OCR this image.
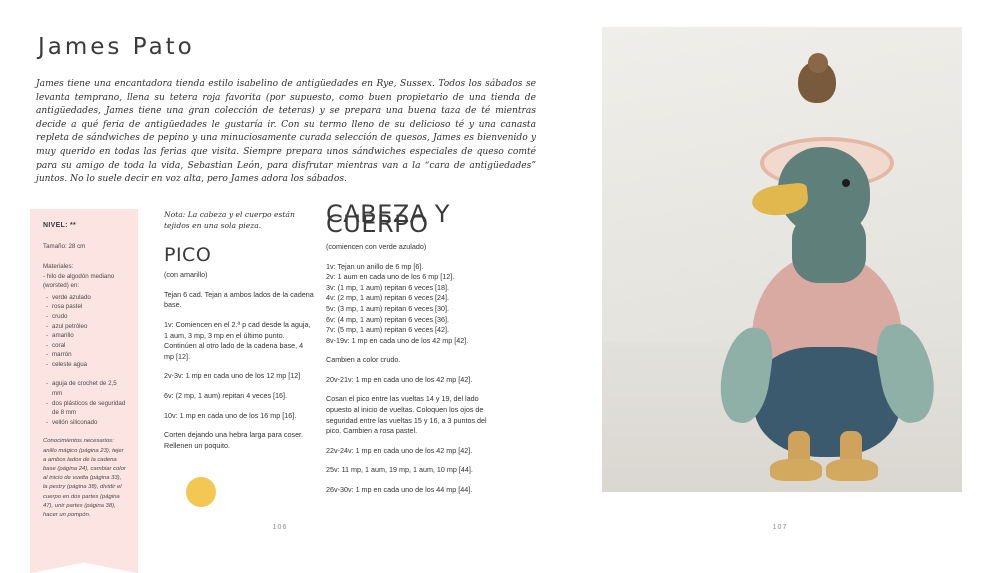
James Pato
James tiene una encantadora tienda estilo isabelino de antigüedades en Rye, Sussex. Todos los sábados se levanta temprano, llena su tetera roja favorita (por supuesto, como buen propietario de una tienda de antigüedades, James tiene una gran colección de teteras) y se prepara una buena taza de té mientras decide a qué feria de antigüedades le gustaría ir. Con su termo lleno de su delicioso té y una canasta repleta de sándwiches de pepino y una minuciosamente curada selección de quesos, James es bienvenido y muy querido en todas las ferias que visita. Siempre prepara unos sándwiches especiales de queso comté para su amigo de toda la vida, Sebastian León, para disfrutar mientras van a la “cara de antigüedades” juntos. No lo suele decir en voz alta, pero James adora los sábados.
NIVEL: **
Tamaño: 28 cm
Materiales:
- hilo de algodón mediano (worsted) en:
- verde azulado
- rosa pastel
- crudo
- azul petróleo
- amarillo
- coral
- marrón
- celeste agua
- aguja de crochet de 2,5 mm
- dos plásticos de seguridad de 8 mm
- vellón siliconado
Conocimientos necesarios:
anillo mágico (página 23), tejer a ambos lados de la cadena base (página 24), cambiar color al inicio de vuelta (página 33), la pestry (página 38), dividir el cuerpo en dos partes (página 47), unir partes (página 38), hacer un pompón.
Nota: La cabeza y el cuerpo están tejidos en una sola pieza.
PICO
(con amarillo)
Tejan 6 cad. Tejan a ambos lados de la cadena base.
1v: Comiencen en el 2.ª p cad desde la aguja, 1 aum, 3 mp, 3 mp en el último punto. Continúen al otro lado de la cadena base, 4 mp [12].
2v-3v: 1 mp en cada uno de los 12 mp [12]
6v: (2 mp, 1 aum) repitan 4 veces [16].
10v: 1 mp en cada uno de los 16 mp [16].
Corten dejando una hebra larga para coser. Rellenen un poquito.
CABEZA Y CUERPO
(comiencen con verde azulado)
1v: Tejan un anillo de 6 mp [6].
2v: 1 aum en cada uno de los 6 mp [12].
3v: (1 mp, 1 aum) repitan 6 veces [18].
4v: (2 mp, 1 aum) repitan 6 veces [24].
5v: (3 mp, 1 aum) repitan 6 veces [30].
6v: (4 mp, 1 aum) repitan 6 veces [36].
7v: (5 mp, 1 aum) repitan 6 veces [42].
8v-19v: 1 mp en cada uno de los 42 mp [42].
Cambien a color crudo.
20v-21v: 1 mp en cada uno de los 42 mp [42].
Cosan el pico entre las vueltas 14 y 19, del lado opuesto al inicio de vueltas. Coloquen los ojos de seguridad entre las vueltas 15 y 16, a 3 puntos del pico. Cambien a rosa pastel.
22v-24v: 1 mp en cada uno de los 42 mp [42].
25v: 11 mp, 1 aum, 19 mp, 1 aum, 10 mp [44].
26v-30v: 1 mp en cada uno de los 44 mp [44].
106	107
